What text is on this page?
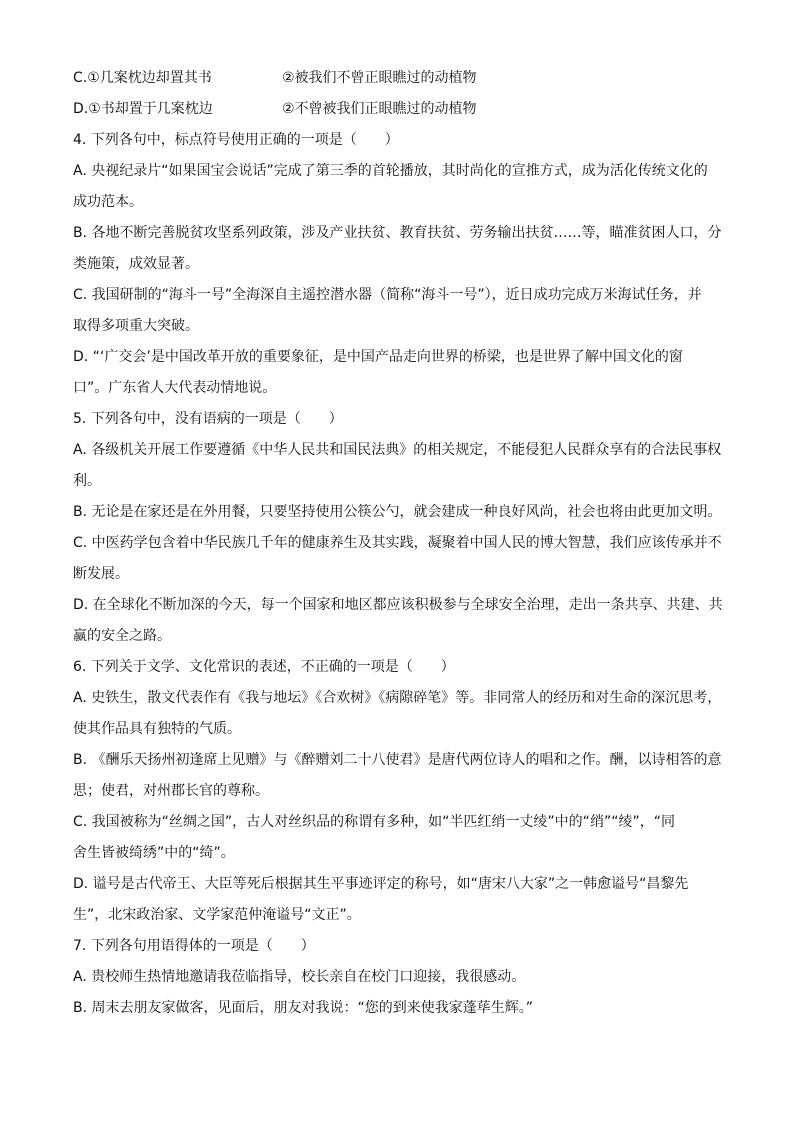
C.①几案枕边却置其书	②被我们不曾正眼瞧过的动植物
D.①书却置于几案枕边	②不曾被我们正眼瞧过的动植物
4. 下列各句中，标点符号使用正确的一项是（　　）
A. 央视纪录片“如果国宝会说话”完成了第三季的首轮播放，其时尚化的宣推方式，成为活化传统文化的
成功范本。
B. 各地不断完善脱贫攻坚系列政策，涉及产业扶贫、教育扶贫、劳务输出扶贫……等，瞄准贫困人口，分
类施策，成效显著。
C. 我国研制的“海斗一号”全海深自主遥控潜水器（简称“海斗一号”），近日成功完成万米海试任务，并
取得多项重大突破。
D. “‘广交会’是中国改革开放的重要象征，是中国产品走向世界的桥梁，也是世界了解中国文化的窗
口”。广东省人大代表动情地说。
5. 下列各句中，没有语病的一项是（　　）
A. 各级机关开展工作要遵循《中华人民共和国民法典》的相关规定，不能侵犯人民群众享有的合法民事权
利。
B. 无论是在家还是在外用餐，只要坚持使用公筷公勺，就会建成一种良好风尚，社会也将由此更加文明。
C. 中医药学包含着中华民族几千年的健康养生及其实践，凝聚着中国人民的博大智慧，我们应该传承并不
断发展。
D. 在全球化不断加深的今天，每一个国家和地区都应该积极参与全球安全治理，走出一条共享、共建、共
赢的安全之路。
6. 下列关于文学、文化常识的表述，不正确的一项是（　　）
A. 史铁生，散文代表作有《我与地坛》《合欢树》《病隙碎笔》等。非同常人的经历和对生命的深沉思考，
使其作品具有独特的气质。
B. 《酬乐天扬州初逢席上见赠》与《醉赠刘二十八使君》是唐代两位诗人的唱和之作。酬，以诗相答的意
思；使君，对州郡长官的尊称。
C. 我国被称为“丝绸之国”，古人对丝织品的称谓有多种，如“半匹红绡一丈绫”中的“绡”“绫”，“同
舍生皆被绮绣”中的“绮”。
D. 谥号是古代帝王、大臣等死后根据其生平事迹评定的称号，如“唐宋八大家”之一韩愈谥号“昌黎先
生”，北宋政治家、文学家范仲淹谥号“文正”。
7. 下列各句用语得体的一项是（　　）
A. 贵校师生热情地邀请我莅临指导，校长亲自在校门口迎接，我很感动。
B. 周末去朋友家做客，见面后，朋友对我说：“您的到来使我家蓬荜生辉。”
